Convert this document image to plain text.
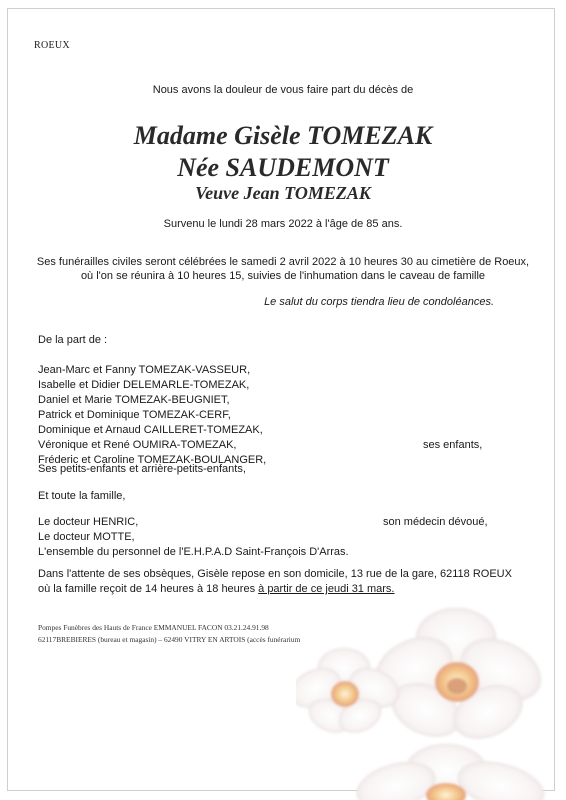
ROEUX
Nous avons la douleur de vous faire part du décès de
Madame Gisèle TOMEZAK
Née SAUDEMONT
Veuve Jean TOMEZAK
Survenu le lundi 28 mars 2022 à l'âge de 85 ans.
Ses funérailles civiles seront célébrées le samedi 2 avril 2022 à 10 heures 30 au cimetière de Roeux,
où l'on se réunira à 10 heures 15, suivies de l'inhumation dans le caveau de famille
Le salut du corps tiendra lieu de condoléances.
De la part de :
Jean-Marc et Fanny TOMEZAK-VASSEUR,
Isabelle et Didier DELEMARLE-TOMEZAK,
Daniel et Marie TOMEZAK-BEUGNIET,
Patrick et Dominique TOMEZAK-CERF,
Dominique et Arnaud CAILLERET-TOMEZAK,
Véronique et René OUMIRA-TOMEZAK,
Fréderic et Caroline TOMEZAK-BOULANGER,
ses enfants,
Ses petits-enfants et arrière-petits-enfants,
Et toute la famille,
Le docteur HENRIC,	son médecin dévoué,
Le docteur MOTTE,
L'ensemble du personnel de l'E.H.P.A.D Saint-François D'Arras.
Dans l'attente de ses obsèques, Gisèle repose en son domicile, 13 rue de la gare, 62118 ROEUX
où la famille reçoit de 14 heures à 18 heures à partir de ce jeudi 31 mars.
Pompes Funèbres des Hauts de France EMMANUEL FACON 03.21.24.91.98
62117BREBIERES (bureau et magasin) – 62490 VITRY EN ARTOIS (accès funérarium
